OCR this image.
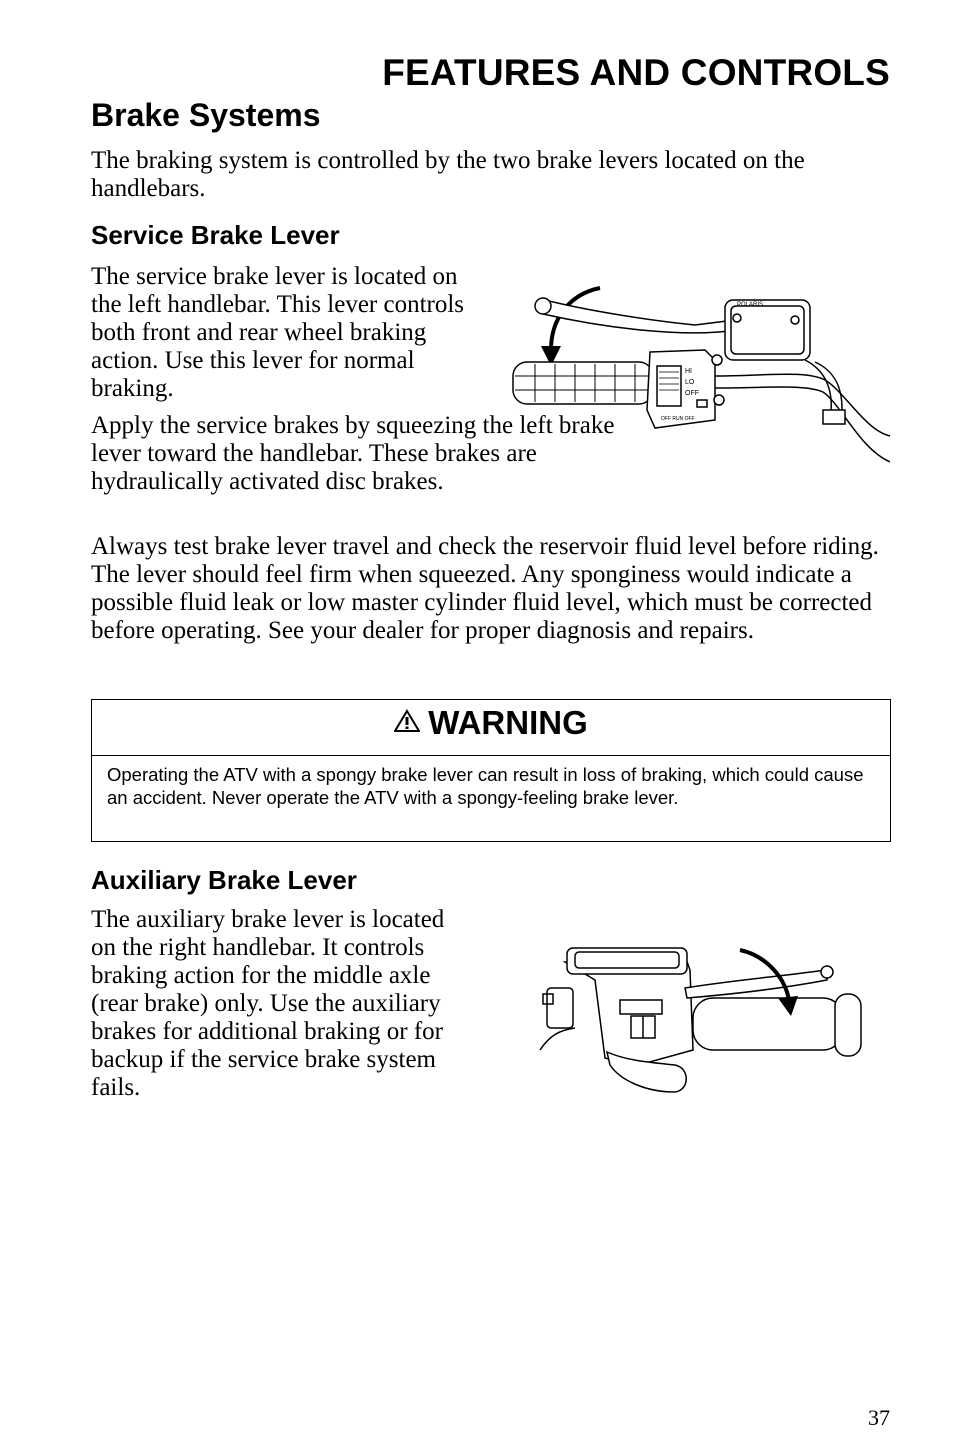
FEATURES AND CONTROLS
Brake Systems
The braking system is controlled by the two brake levers located on the handlebars.
Service Brake Lever
The service brake lever is located on the left handlebar. This lever controls both front and rear wheel braking action. Use this lever for normal braking.
Apply the service brakes by squeezing the left brake lever toward the handlebar. These brakes are hydraulically activated disc brakes.
Always test brake lever travel and check the reservoir fluid level before riding. The lever should feel firm when squeezed. Any sponginess would indicate a possible fluid leak or low master cylinder fluid level, which must be corrected before operating. See your dealer for proper diagnosis and repairs.
POLARIS
HI
LO
OFF
OFF RUN OFF
WARNING
Operating the ATV with a spongy brake lever can result in loss of braking, which could cause an accident. Never operate the ATV with a spongy-feeling brake lever.
Auxiliary Brake Lever
The auxiliary brake lever is located on the right handlebar. It controls braking action for the middle axle (rear brake) only. Use the auxiliary brakes for additional braking or for backup if the service brake system fails.
37
